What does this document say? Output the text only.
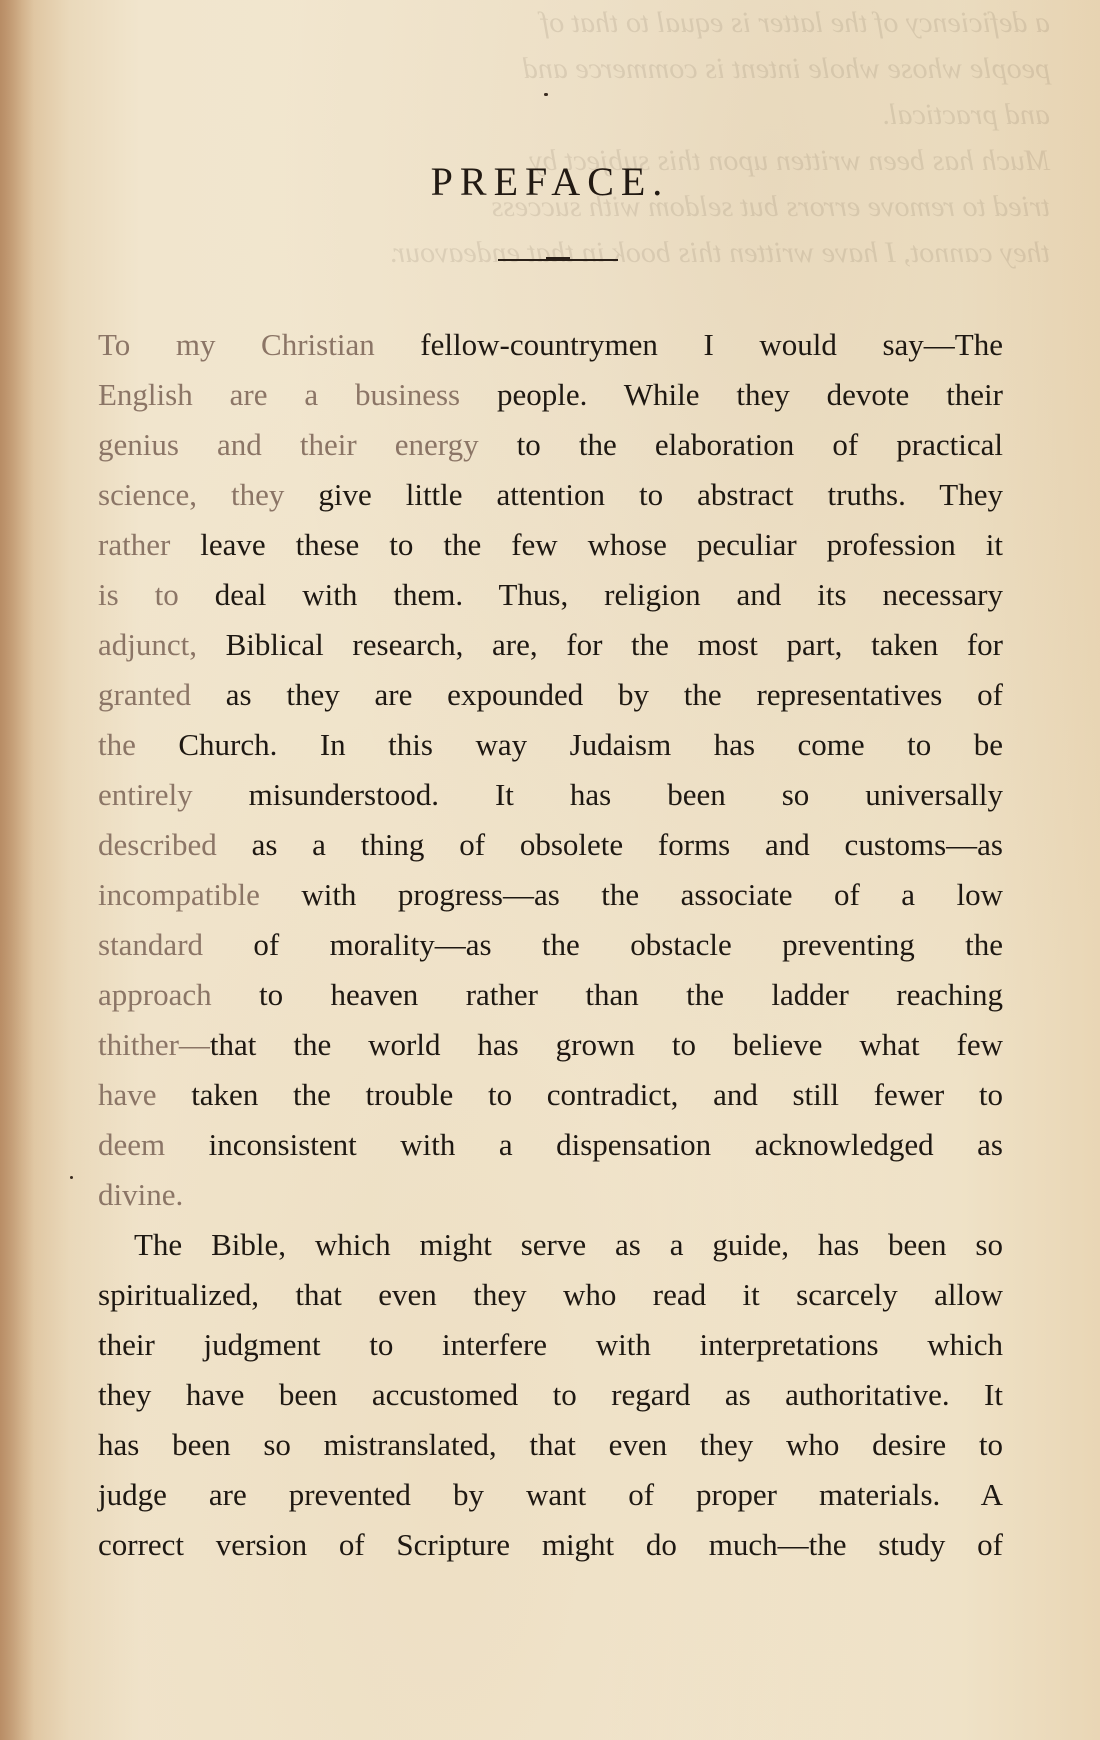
a deficiency of the latter is equal to that of
people whose whole intent is commerce and
and practical.
Much has been written upon this subject by
tried to remove errors but seldom with success
they cannot, I have written this book in that endeavour.
PREFACE.
To my Christian fellow-countrymen I would say—The
English are a business people. While they devote their
genius and their energy to the elaboration of practical
science, they give little attention to abstract truths. They
rather leave these to the few whose peculiar profession it
is to deal with them. Thus, religion and its necessary
adjunct, Biblical research, are, for the most part, taken for
granted as they are expounded by the representatives of
the Church. In this way Judaism has come to be
entirely misunderstood. It has been so universally
described as a thing of obsolete forms and customs—as
incompatible with progress—as the associate of a low
standard of morality—as the obstacle preventing the
approach to heaven rather than the ladder reaching
thither—that the world has grown to believe what few
have taken the trouble to contradict, and still fewer to
deem inconsistent with a dispensation acknowledged as
divine.
The Bible, which might serve as a guide, has been so
spiritualized, that even they who read it scarcely allow
their judgment to interfere with interpretations which
they have been accustomed to regard as authoritative. It
has been so mistranslated, that even they who desire to
judge are prevented by want of proper materials. A
correct version of Scripture might do much—the study of
